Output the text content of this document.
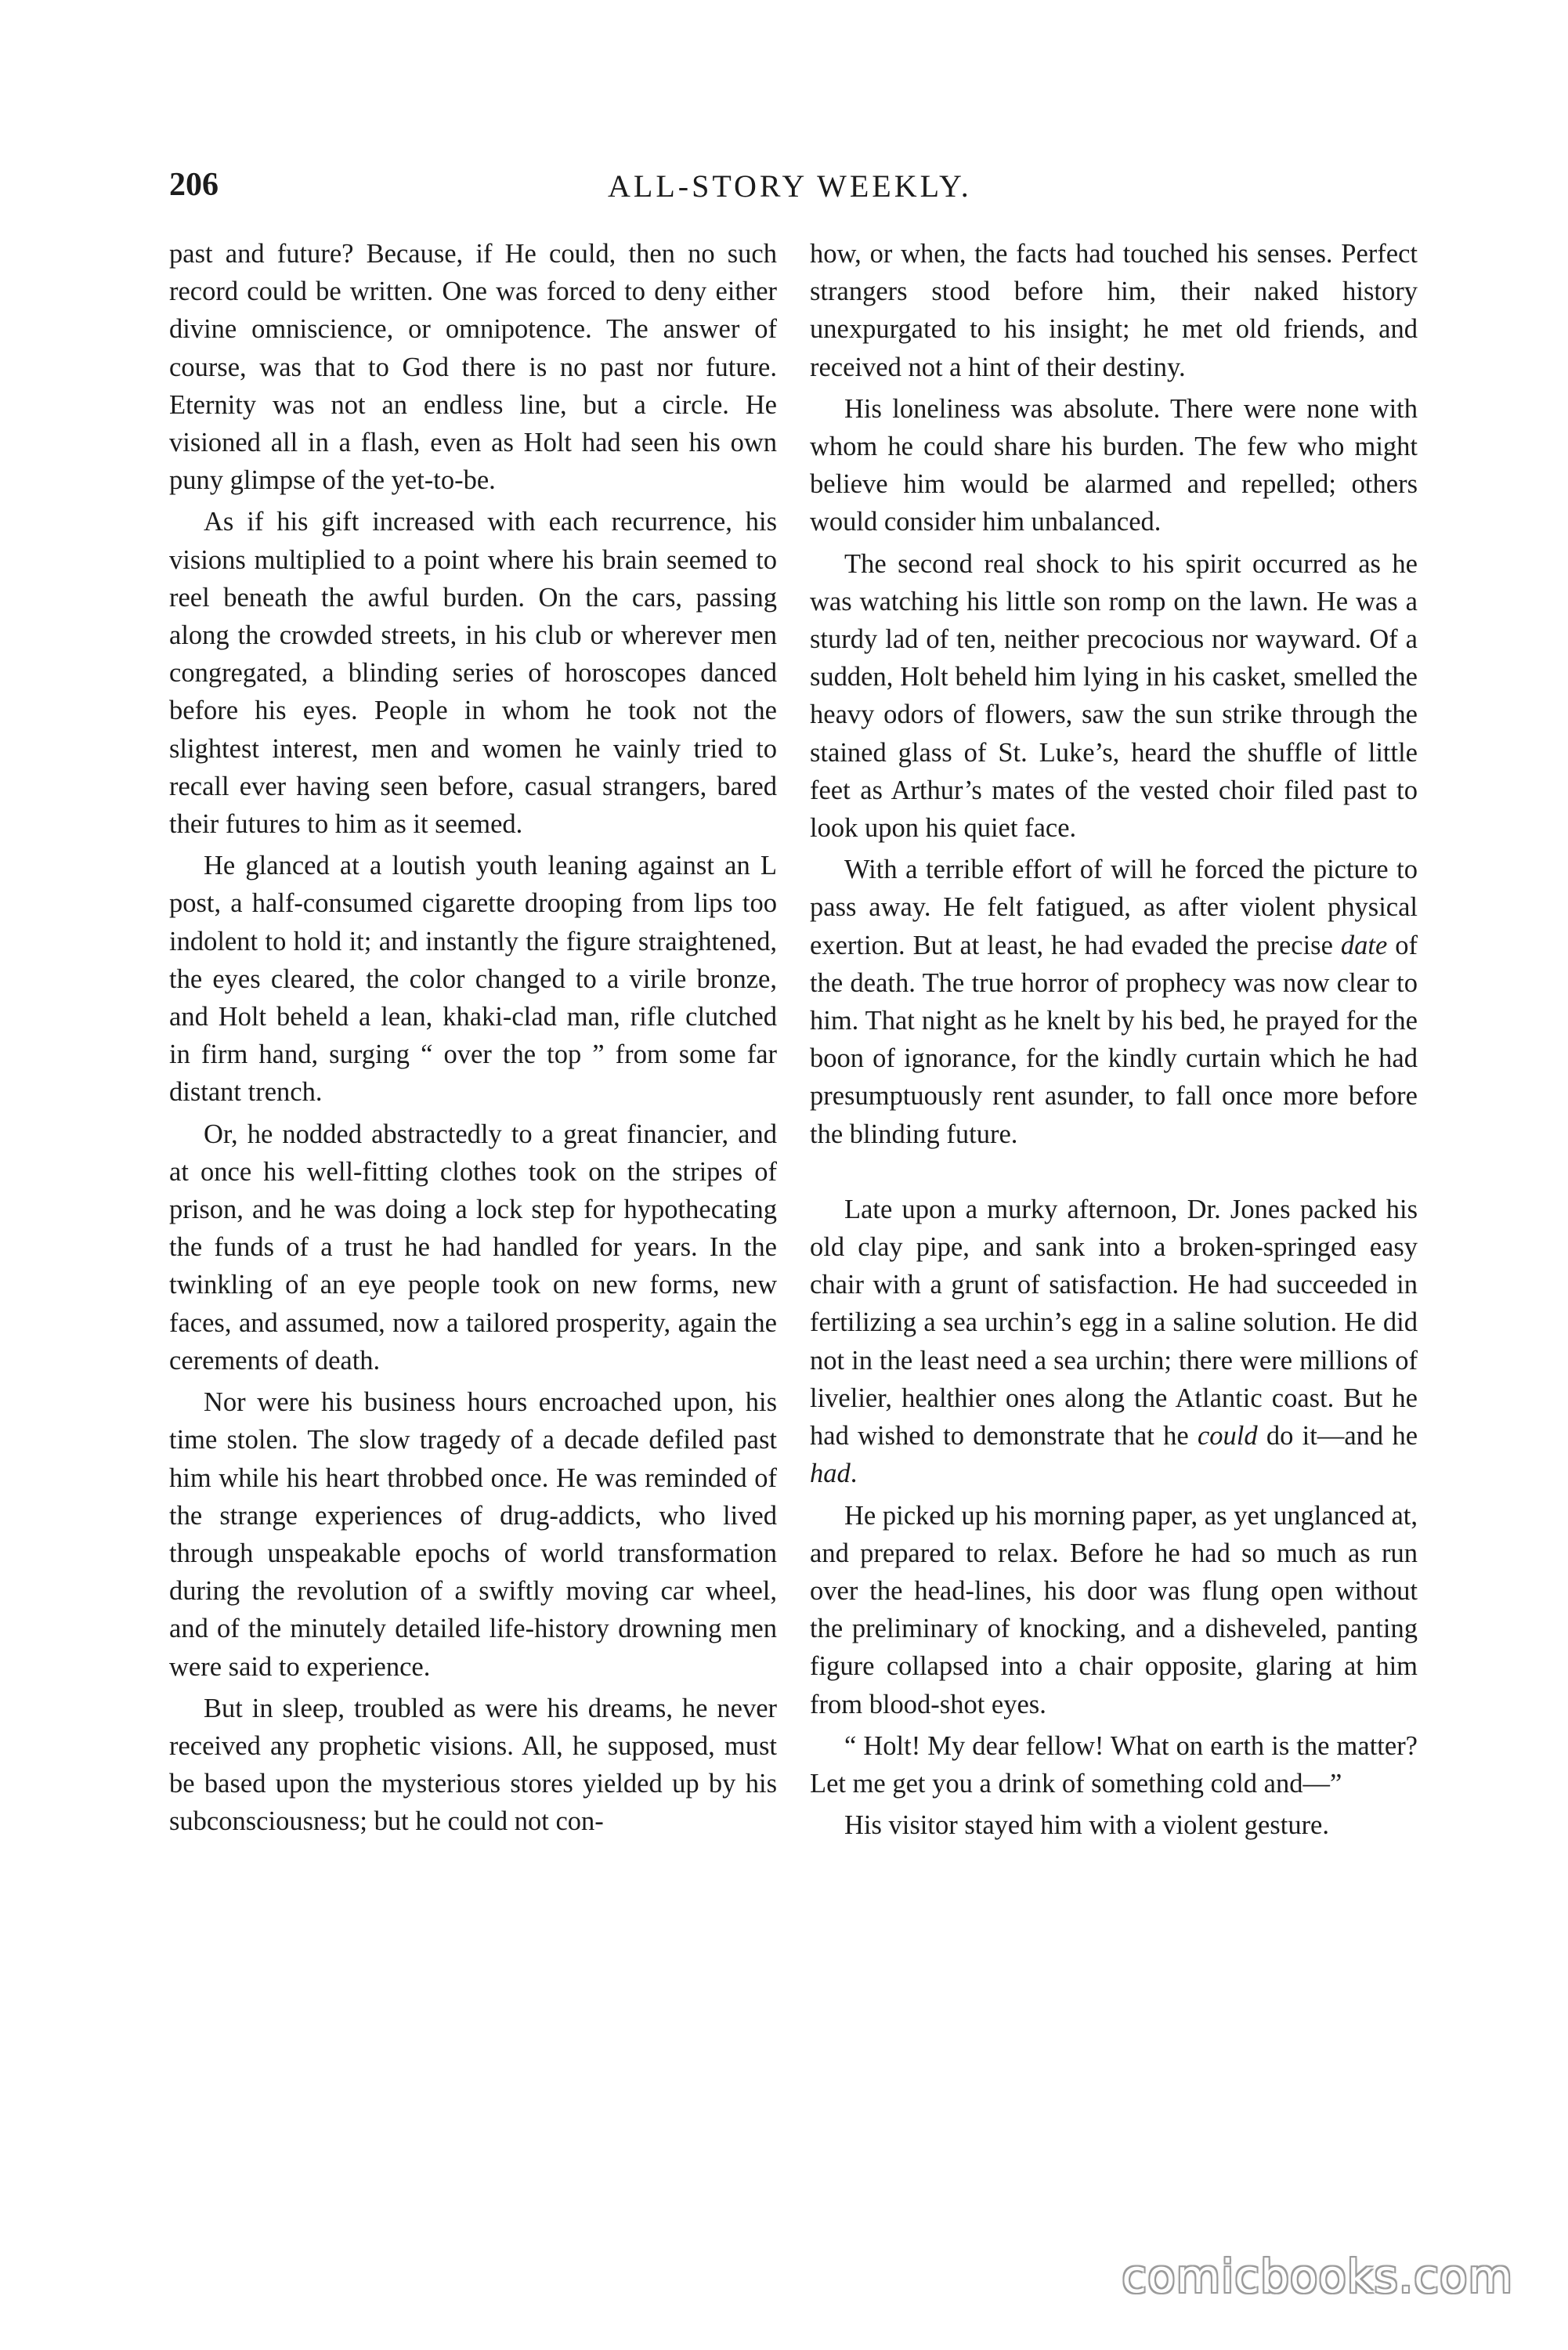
206	ALL-STORY WEEKLY.

past and future? Because, if He could, then no such record could be written. One was forced to deny either divine omniscience, or omnipotence. The answer of course, was that to God there is no past nor future. Eternity was not an endless line, but a circle. He visioned all in a flash, even as Holt had seen his own puny glimpse of the yet-to-be.

As if his gift increased with each recurrence, his visions multiplied to a point where his brain seemed to reel beneath the awful burden. On the cars, passing along the crowded streets, in his club or wherever men congregated, a blinding series of horoscopes danced before his eyes. People in whom he took not the slightest interest, men and women he vainly tried to recall ever having seen before, casual strangers, bared their futures to him as it seemed.

He glanced at a loutish youth leaning against an L post, a half-consumed cigarette drooping from lips too indolent to hold it; and instantly the figure straightened, the eyes cleared, the color changed to a virile bronze, and Holt beheld a lean, khaki-clad man, rifle clutched in firm hand, surging “ over the top ” from some far distant trench.

Or, he nodded abstractedly to a great financier, and at once his well-fitting clothes took on the stripes of prison, and he was doing a lock step for hypothecating the funds of a trust he had handled for years. In the twinkling of an eye people took on new forms, new faces, and assumed, now a tailored prosperity, again the cerements of death.

Nor were his business hours encroached upon, his time stolen. The slow tragedy of a decade defiled past him while his heart throbbed once. He was reminded of the strange experiences of drug-addicts, who lived through unspeakable epochs of world transformation during the revolution of a swiftly moving car wheel, and of the minutely detailed life-history drowning men were said to experience.

But in sleep, troubled as were his dreams, he never received any prophetic visions. All, he supposed, must be based upon the mysterious stores yielded up by his subconsciousness; but he could not con-

how, or when, the facts had touched his senses. Perfect strangers stood before him, their naked history unexpurgated to his insight; he met old friends, and received not a hint of their destiny.

His loneliness was absolute. There were none with whom he could share his burden. The few who might believe him would be alarmed and repelled; others would consider him unbalanced.

The second real shock to his spirit occurred as he was watching his little son romp on the lawn. He was a sturdy lad of ten, neither precocious nor wayward. Of a sudden, Holt beheld him lying in his casket, smelled the heavy odors of flowers, saw the sun strike through the stained glass of St. Luke’s, heard the shuffle of little feet as Arthur’s mates of the vested choir filed past to look upon his quiet face.

With a terrible effort of will he forced the picture to pass away. He felt fatigued, as after violent physical exertion. But at least, he had evaded the precise date of the death. The true horror of prophecy was now clear to him. That night as he knelt by his bed, he prayed for the boon of ignorance, for the kindly curtain which he had presumptuously rent asunder, to fall once more before the blinding future.

Late upon a murky afternoon, Dr. Jones packed his old clay pipe, and sank into a broken-springed easy chair with a grunt of satisfaction. He had succeeded in fertilizing a sea urchin’s egg in a saline solution. He did not in the least need a sea urchin; there were millions of livelier, healthier ones along the Atlantic coast. But he had wished to demonstrate that he could do it—and he had.

He picked up his morning paper, as yet unglanced at, and prepared to relax. Before he had so much as run over the head-lines, his door was flung open without the preliminary of knocking, and a disheveled, panting figure collapsed into a chair opposite, glaring at him from blood-shot eyes.

“ Holt! My dear fellow! What on earth is the matter? Let me get you a drink of something cold and—”

His visitor stayed him with a violent gesture.

comicbooks.com
